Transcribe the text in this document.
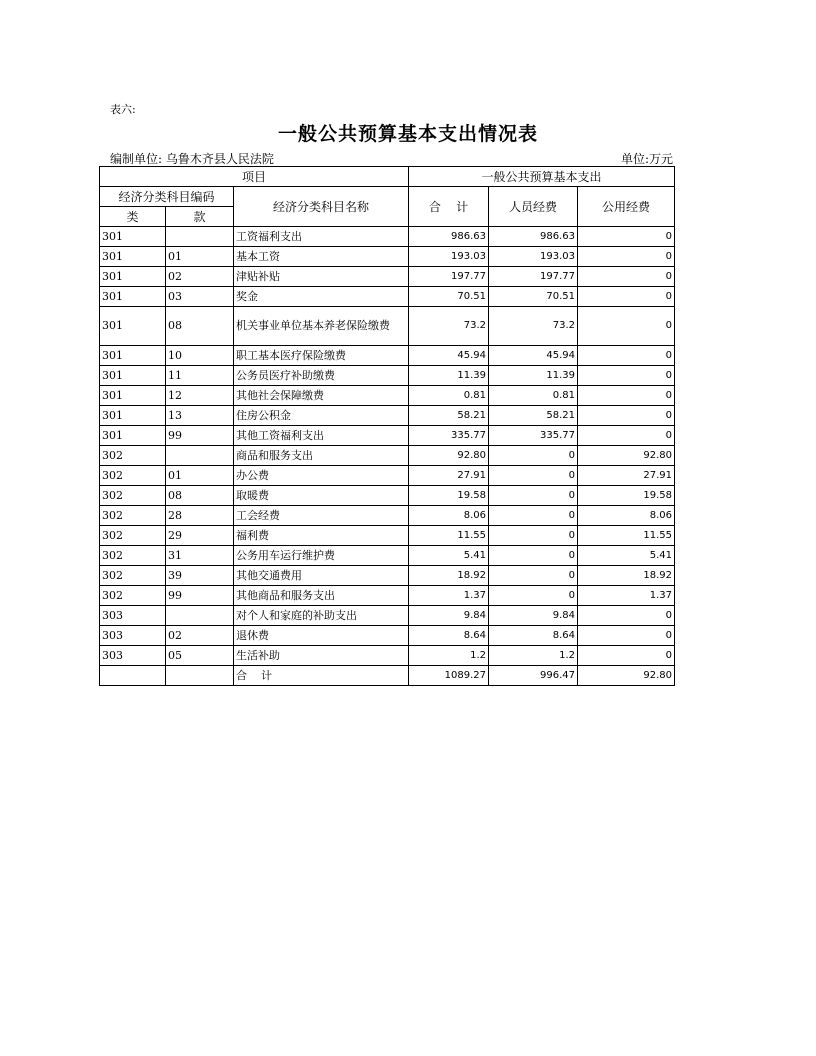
表六:
一般公共预算基本支出情况表
编制单位: 乌鲁木齐县人民法院	单位:万元
项目			一般公共预算基本支出		
经济分类科目编码		经济分类科目名称	合    计	人员经费	公用经费
类	款				
301		工资福利支出	986.63	986.63	0
301	01	基本工资	193.03	193.03	0
301	02	津贴补贴	197.77	197.77	0
301	03	奖金	70.51	70.51	0
301	08	机关事业单位基本养老保险缴费	73.2	73.2	0
301	10	职工基本医疗保险缴费	45.94	45.94	0
301	11	公务员医疗补助缴费	11.39	11.39	0
301	12	其他社会保障缴费	0.81	0.81	0
301	13	住房公积金	58.21	58.21	0
301	99	其他工资福利支出	335.77	335.77	0
302		商品和服务支出	92.80	0	92.80
302	01	办公费	27.91	0	27.91
302	08	取暖费	19.58	0	19.58
302	28	工会经费	8.06	0	8.06
302	29	福利费	11.55	0	11.55
302	31	公务用车运行维护费	5.41	0	5.41
302	39	其他交通费用	18.92	0	18.92
302	99	其他商品和服务支出	1.37	0	1.37
303		对个人和家庭的补助支出	9.84	9.84	0
303	02	退休费	8.64	8.64	0
303	05	生活补助	1.2	1.2	0
		合    计	1089.27	996.47	92.80
